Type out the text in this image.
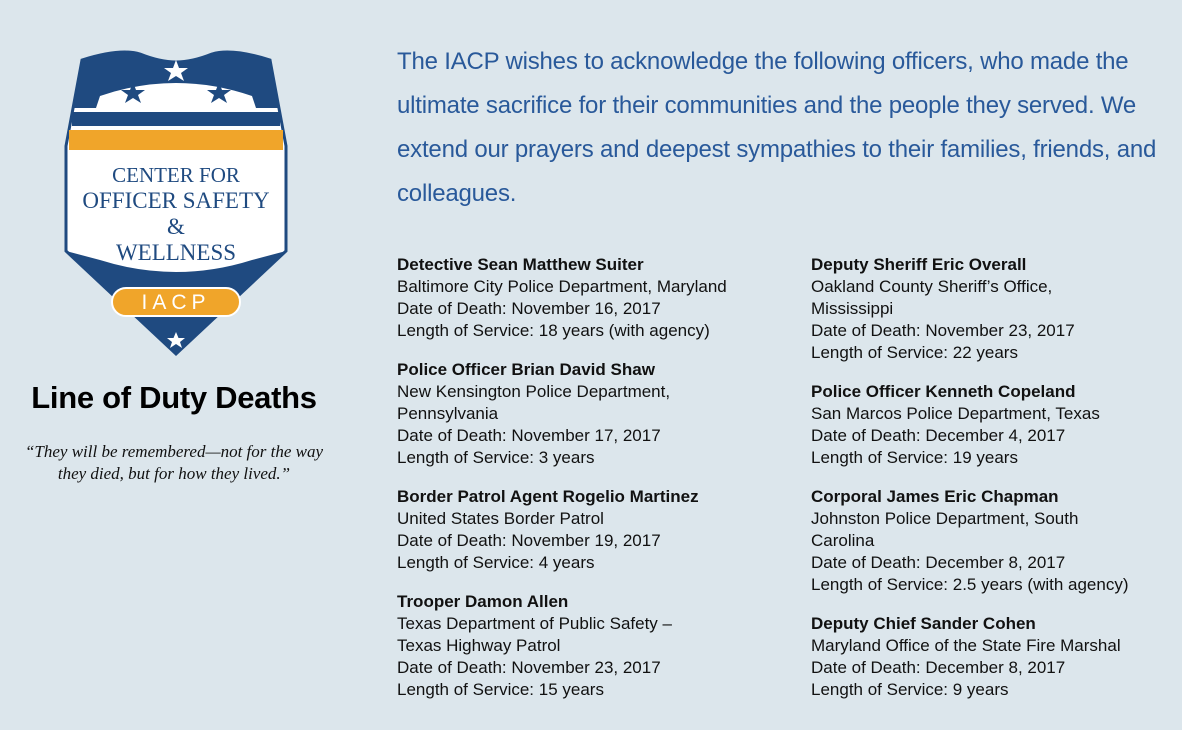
CENTER FOR
OFFICER SAFETY
&
WELLNESS
IACP
Line of Duty Deaths
“They will be remembered—not for the way
they died, but for how they lived.”
The IACP wishes to acknowledge the following officers, who made the ultimate sacrifice for their communities and the people they served. We extend our prayers and deepest sympathies to their families, friends, and colleagues.
Detective Sean Matthew Suiter
Baltimore City Police Department, Maryland
Date of Death: November 16, 2017
Length of Service: 18 years (with agency)
Police Officer Brian David Shaw
New Kensington Police Department,
Pennsylvania
Date of Death: November 17, 2017
Length of Service: 3 years
Border Patrol Agent Rogelio Martinez
United States Border Patrol
Date of Death: November 19, 2017
Length of Service: 4 years
Trooper Damon Allen
Texas Department of Public Safety –
Texas Highway Patrol
Date of Death: November 23, 2017
Length of Service: 15 years
Deputy Sheriff Eric Overall
Oakland County Sheriff’s Office,
Mississippi
Date of Death: November 23, 2017
Length of Service: 22 years
Police Officer Kenneth Copeland
San Marcos Police Department, Texas
Date of Death: December 4, 2017
Length of Service: 19 years
Corporal James Eric Chapman
Johnston Police Department, South
Carolina
Date of Death: December 8, 2017
Length of Service: 2.5 years (with agency)
Deputy Chief Sander Cohen
Maryland Office of the State Fire Marshal
Date of Death: December 8, 2017
Length of Service: 9 years
